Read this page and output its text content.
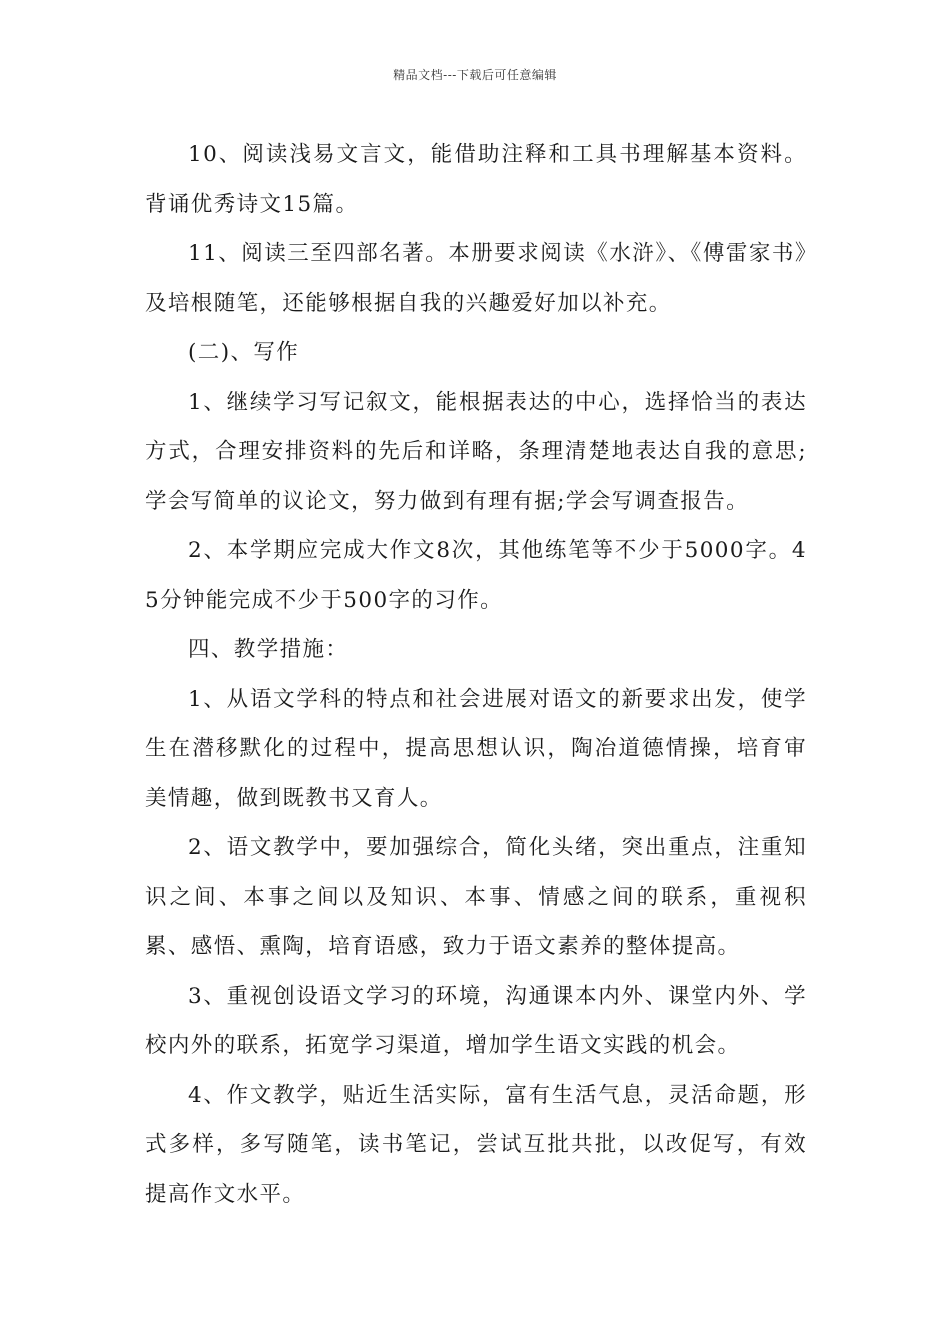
精品文档---下载后可任意编辑

10、阅读浅易文言文，能借助注释和工具书理解基本资料。背诵优秀诗文15篇。

11、阅读三至四部名著。本册要求阅读《水浒》、《傅雷家书》及培根随笔，还能够根据自我的兴趣爱好加以补充。

(二)、写作

1、继续学习写记叙文，能根据表达的中心，选择恰当的表达方式，合理安排资料的先后和详略，条理清楚地表达自我的意思;学会写简单的议论文，努力做到有理有据;学会写调查报告。

2、本学期应完成大作文8次，其他练笔等不少于5000字。45分钟能完成不少于500字的习作。

四、教学措施：

1、从语文学科的特点和社会进展对语文的新要求出发，使学生在潜移默化的过程中，提高思想认识，陶冶道德情操，培育审美情趣，做到既教书又育人。

2、语文教学中，要加强综合，简化头绪，突出重点，注重知识之间、本事之间以及知识、本事、情感之间的联系，重视积累、感悟、熏陶，培育语感，致力于语文素养的整体提高。

3、重视创设语文学习的环境，沟通课本内外、课堂内外、学校内外的联系，拓宽学习渠道，增加学生语文实践的机会。

4、作文教学，贴近生活实际，富有生活气息，灵活命题，形式多样，多写随笔，读书笔记，尝试互批共批，以改促写，有效提高作文水平。
